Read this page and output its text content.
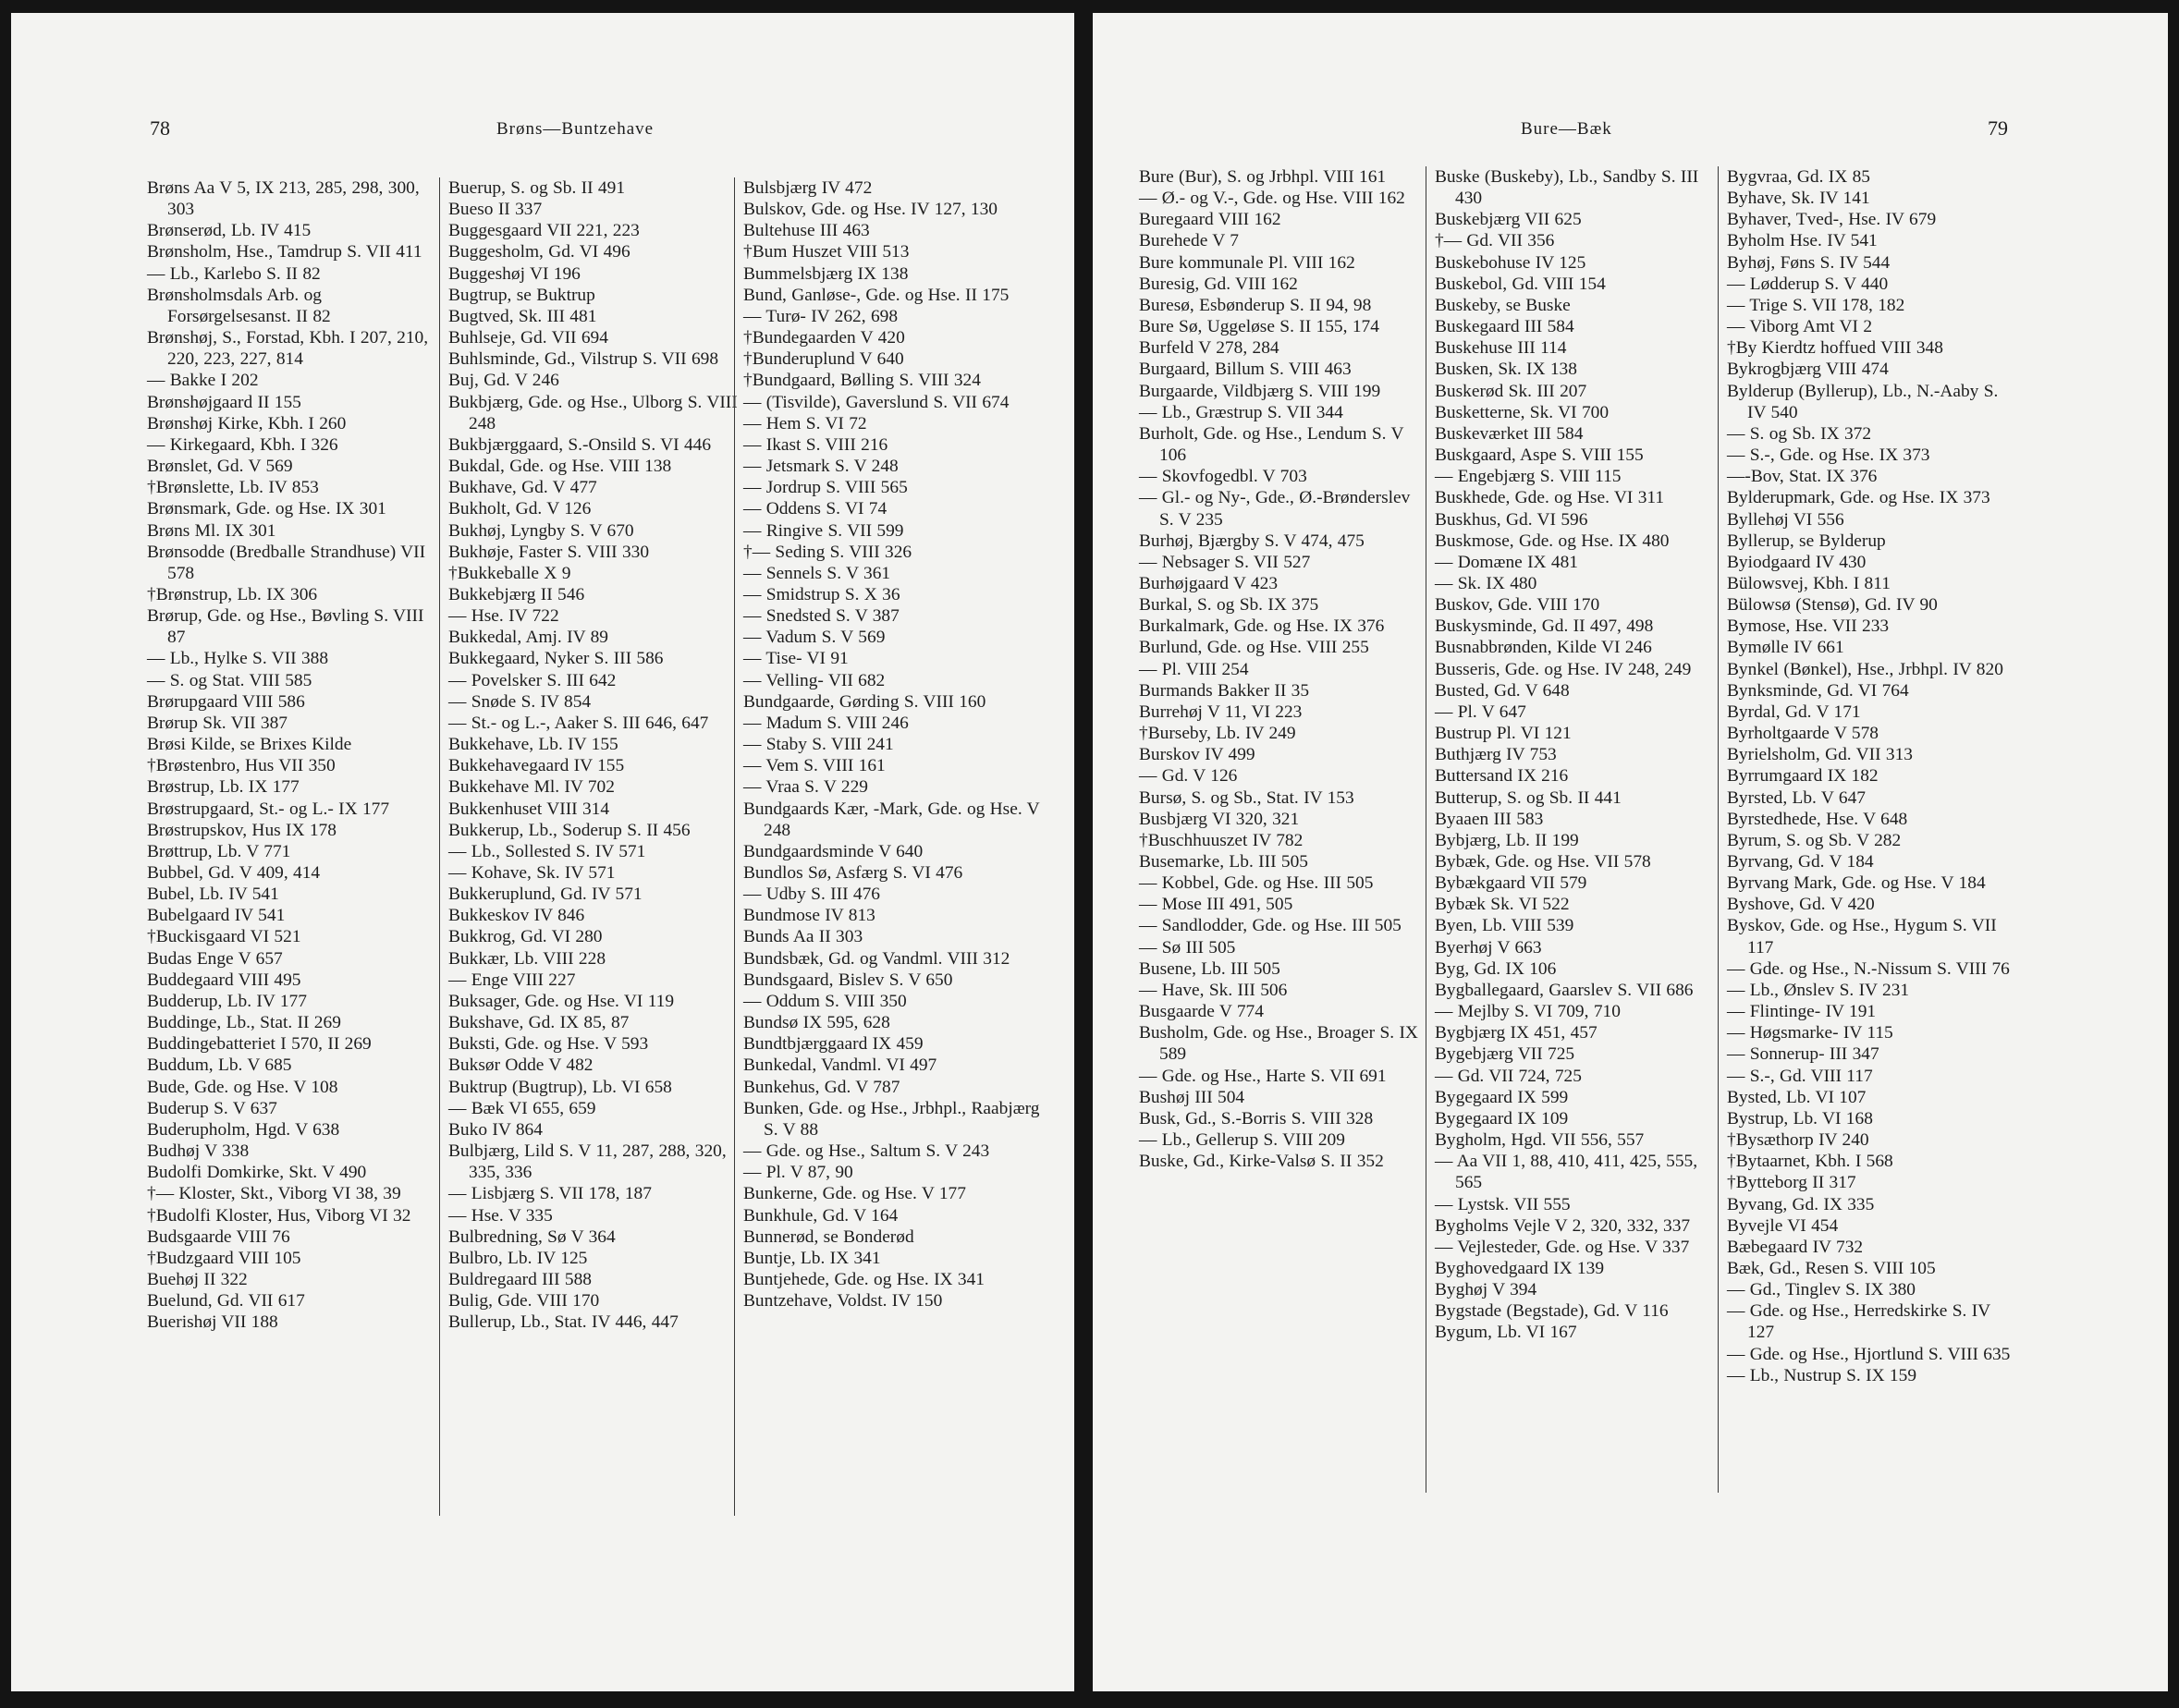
78	Brøns—Buntzehave
Brøns Aa V 5, IX 213, 285, 298, 300, 303
Brønserød, Lb. IV 415
Brønsholm, Hse., Tamdrup S. VII 411
— Lb., Karlebo S. II 82
Brønsholmsdals Arb. og Forsørgelsesanst. II 82
Brønshøj, S., Forstad, Kbh. I 207, 210, 220, 223, 227, 814
— Bakke I 202
Brønshøjgaard II 155
Brønshøj Kirke, Kbh. I 260
— Kirkegaard, Kbh. I 326
Brønslet, Gd. V 569
†Brønslette, Lb. IV 853
Brønsmark, Gde. og Hse. IX 301
Brøns Ml. IX 301
Brønsodde (Bredballe Strandhuse) VII 578
†Brønstrup, Lb. IX 306
Brørup, Gde. og Hse., Bøvling S. VIII 87
— Lb., Hylke S. VII 388
— S. og Stat. VIII 585
Brørupgaard VIII 586
Brørup Sk. VII 387
Brøsi Kilde, se Brixes Kilde
†Brøstenbro, Hus VII 350
Brøstrup, Lb. IX 177
Brøstrupgaard, St.- og L.- IX 177
Brøstrupskov, Hus IX 178
Brøttrup, Lb. V 771
Bubbel, Gd. V 409, 414
Bubel, Lb. IV 541
Bubelgaard IV 541
†Buckisgaard VI 521
Budas Enge V 657
Buddegaard VIII 495
Budderup, Lb. IV 177
Buddinge, Lb., Stat. II 269
Buddingebatteriet I 570, II 269
Buddum, Lb. V 685
Bude, Gde. og Hse. V 108
Buderup S. V 637
Buderupholm, Hgd. V 638
Budhøj V 338
Budolfi Domkirke, Skt. V 490
†— Kloster, Skt., Viborg VI 38, 39
†Budolfi Kloster, Hus, Viborg VI 32
Budsgaarde VIII 76
†Budzgaard VIII 105
Buehøj II 322
Buelund, Gd. VII 617
Buerishøj VII 188
Buerup, S. og Sb. II 491
Bueso II 337
Buggesgaard VII 221, 223
Buggesholm, Gd. VI 496
Buggeshøj VI 196
Bugtrup, se Buktrup
Bugtved, Sk. III 481
Buhlseje, Gd. VII 694
Buhlsminde, Gd., Vilstrup S. VII 698
Buj, Gd. V 246
Bukbjærg, Gde. og Hse., Ulborg S. VIII 248
Bukbjærggaard, S.-Onsild S. VI 446
Bukdal, Gde. og Hse. VIII 138
Bukhave, Gd. V 477
Bukholt, Gd. V 126
Bukhøj, Lyngby S. V 670
Bukhøje, Faster S. VIII 330
†Bukkeballe X 9
Bukkebjærg II 546
— Hse. IV 722
Bukkedal, Amj. IV 89
Bukkegaard, Nyker S. III 586
— Povelsker S. III 642
— Snøde S. IV 854
— St.- og L.-, Aaker S. III 646, 647
Bukkehave, Lb. IV 155
Bukkehavegaard IV 155
Bukkehave Ml. IV 702
Bukkenhuset VIII 314
Bukkerup, Lb., Soderup S. II 456
— Lb., Sollested S. IV 571
— Kohave, Sk. IV 571
Bukkeruplund, Gd. IV 571
Bukkeskov IV 846
Bukkrog, Gd. VI 280
Bukkær, Lb. VIII 228
— Enge VIII 227
Buksager, Gde. og Hse. VI 119
Bukshave, Gd. IX 85, 87
Buksti, Gde. og Hse. V 593
Buksør Odde V 482
Buktrup (Bugtrup), Lb. VI 658
— Bæk VI 655, 659
Buko IV 864
Bulbjærg, Lild S. V 11, 287, 288, 320, 335, 336
— Lisbjærg S. VII 178, 187
— Hse. V 335
Bulbredning, Sø V 364
Bulbro, Lb. IV 125
Buldregaard III 588
Bulig, Gde. VIII 170
Bullerup, Lb., Stat. IV 446, 447
Bulsbjærg IV 472
Bulskov, Gde. og Hse. IV 127, 130
Bultehuse III 463
†Bum Huszet VIII 513
Bummelsbjærg IX 138
Bund, Ganløse-, Gde. og Hse. II 175
— Turø- IV 262, 698
†Bundegaarden V 420
†Bunderuplund V 640
†Bundgaard, Bølling S. VIII 324
— (Tisvilde), Gaverslund S. VII 674
— Hem S. VI 72
— Ikast S. VIII 216
— Jetsmark S. V 248
— Jordrup S. VIII 565
— Oddens S. VI 74
— Ringive S. VII 599
†— Seding S. VIII 326
— Sennels S. V 361
— Smidstrup S. X 36
— Snedsted S. V 387
— Vadum S. V 569
— Tise- VI 91
— Velling- VII 682
Bundgaarde, Gørding S. VIII 160
— Madum S. VIII 246
— Staby S. VIII 241
— Vem S. VIII 161
— Vraa S. V 229
Bundgaards Kær, -Mark, Gde. og Hse. V 248
Bundgaardsminde V 640
Bundlos Sø, Asfærg S. VI 476
— Udby S. III 476
Bundmose IV 813
Bunds Aa II 303
Bundsbæk, Gd. og Vandml. VIII 312
Bundsgaard, Bislev S. V 650
— Oddum S. VIII 350
Bundsø IX 595, 628
Bundtbjærggaard IX 459
Bunkedal, Vandml. VI 497
Bunkehus, Gd. V 787
Bunken, Gde. og Hse., Jrbhpl., Raabjærg S. V 88
— Gde. og Hse., Saltum S. V 243
— Pl. V 87, 90
Bunkerne, Gde. og Hse. V 177
Bunkhule, Gd. V 164
Bunnerød, se Bonderød
Buntje, Lb. IX 341
Buntjehede, Gde. og Hse. IX 341
Buntzehave, Voldst. IV 150
Bure—Bæk	79
Bure (Bur), S. og Jrbhpl. VIII 161
— Ø.- og V.-, Gde. og Hse. VIII 162
Buregaard VIII 162
Burehede V 7
Bure kommunale Pl. VIII 162
Buresig, Gd. VIII 162
Buresø, Esbønderup S. II 94, 98
Bure Sø, Uggeløse S. II 155, 174
Burfeld V 278, 284
Burgaard, Billum S. VIII 463
Burgaarde, Vildbjærg S. VIII 199
— Lb., Græstrup S. VII 344
Burholt, Gde. og Hse., Lendum S. V 106
— Skovfogedbl. V 703
— Gl.- og Ny-, Gde., Ø.-Brønderslev S. V 235
Burhøj, Bjærgby S. V 474, 475
— Nebsager S. VII 527
Burhøjgaard V 423
Burkal, S. og Sb. IX 375
Burkalmark, Gde. og Hse. IX 376
Burlund, Gde. og Hse. VIII 255
— Pl. VIII 254
Burmands Bakker II 35
Burrehøj V 11, VI 223
†Burseby, Lb. IV 249
Burskov IV 499
— Gd. V 126
Bursø, S. og Sb., Stat. IV 153
Busbjærg VI 320, 321
†Buschhuuszet IV 782
Busemarke, Lb. III 505
— Kobbel, Gde. og Hse. III 505
— Mose III 491, 505
— Sandlodder, Gde. og Hse. III 505
— Sø III 505
Busene, Lb. III 505
— Have, Sk. III 506
Busgaarde V 774
Busholm, Gde. og Hse., Broager S. IX 589
— Gde. og Hse., Harte S. VII 691
Bushøj III 504
Busk, Gd., S.-Borris S. VIII 328
— Lb., Gellerup S. VIII 209
Buske, Gd., Kirke-Valsø S. II 352
Buske (Buskeby), Lb., Sandby S. III 430
Buskebjærg VII 625
†— Gd. VII 356
Buskebohuse IV 125
Buskebol, Gd. VIII 154
Buskeby, se Buske
Buskegaard III 584
Buskehuse III 114
Busken, Sk. IX 138
Buskerød Sk. III 207
Busketterne, Sk. VI 700
Buskeværket III 584
Buskgaard, Aspe S. VIII 155
— Engebjærg S. VIII 115
Buskhede, Gde. og Hse. VI 311
Buskhus, Gd. VI 596
Buskmose, Gde. og Hse. IX 480
— Domæne IX 481
— Sk. IX 480
Buskov, Gde. VIII 170
Buskysminde, Gd. II 497, 498
Busnabbrønden, Kilde VI 246
Busseris, Gde. og Hse. IV 248, 249
Busted, Gd. V 648
— Pl. V 647
Bustrup Pl. VI 121
Buthjærg IV 753
Buttersand IX 216
Butterup, S. og Sb. II 441
Byaaen III 583
Bybjærg, Lb. II 199
Bybæk, Gde. og Hse. VII 578
Bybækgaard VII 579
Bybæk Sk. VI 522
Byen, Lb. VIII 539
Byerhøj V 663
Byg, Gd. IX 106
Bygballegaard, Gaarslev S. VII 686
— Mejlby S. VI 709, 710
Bygbjærg IX 451, 457
Bygebjærg VII 725
— Gd. VII 724, 725
Bygegaard IX 599
Bygegaard IX 109
Bygholm, Hgd. VII 556, 557
— Aa VII 1, 88, 410, 411, 425, 555, 565
— Lystsk. VII 555
Bygholms Vejle V 2, 320, 332, 337
— Vejlesteder, Gde. og Hse. V 337
Byghovedgaard IX 139
Byghøj V 394
Bygstade (Begstade), Gd. V 116
Bygum, Lb. VI 167
Bygvraa, Gd. IX 85
Byhave, Sk. IV 141
Byhaver, Tved-, Hse. IV 679
Byholm Hse. IV 541
Byhøj, Føns S. IV 544
— Lødderup S. V 440
— Trige S. VII 178, 182
— Viborg Amt VI 2
†By Kierdtz hoffued VIII 348
Bykrogbjærg VIII 474
Bylderup (Byllerup), Lb., N.-Aaby S. IV 540
— S. og Sb. IX 372
— S.-, Gde. og Hse. IX 373
—-Bov, Stat. IX 376
Bylderupmark, Gde. og Hse. IX 373
Byllehøj VI 556
Byllerup, se Bylderup
Byiodgaard IV 430
Bülowsvej, Kbh. I 811
Bülowsø (Stensø), Gd. IV 90
Bymose, Hse. VII 233
Bymølle IV 661
Bynkel (Bønkel), Hse., Jrbhpl. IV 820
Bynksminde, Gd. VI 764
Byrdal, Gd. V 171
Byrholtgaarde V 578
Byrielsholm, Gd. VII 313
Byrrumgaard IX 182
Byrsted, Lb. V 647
Byrstedhede, Hse. V 648
Byrum, S. og Sb. V 282
Byrvang, Gd. V 184
Byrvang Mark, Gde. og Hse. V 184
Byshove, Gd. V 420
Byskov, Gde. og Hse., Hygum S. VII 117
— Gde. og Hse., N.-Nissum S. VIII 76
— Lb., Ønslev S. IV 231
— Flintinge- IV 191
— Høgsmarke- IV 115
— Sonnerup- III 347
— S.-, Gd. VIII 117
Bysted, Lb. VI 107
Bystrup, Lb. VI 168
†Bysæthorp IV 240
†Bytaarnet, Kbh. I 568
†Bytteborg II 317
Byvang, Gd. IX 335
Byvejle VI 454
Bæbegaard IV 732
Bæk, Gd., Resen S. VIII 105
— Gd., Tinglev S. IX 380
— Gde. og Hse., Herredskirke S. IV 127
— Gde. og Hse., Hjortlund S. VIII 635
— Lb., Nustrup S. IX 159
